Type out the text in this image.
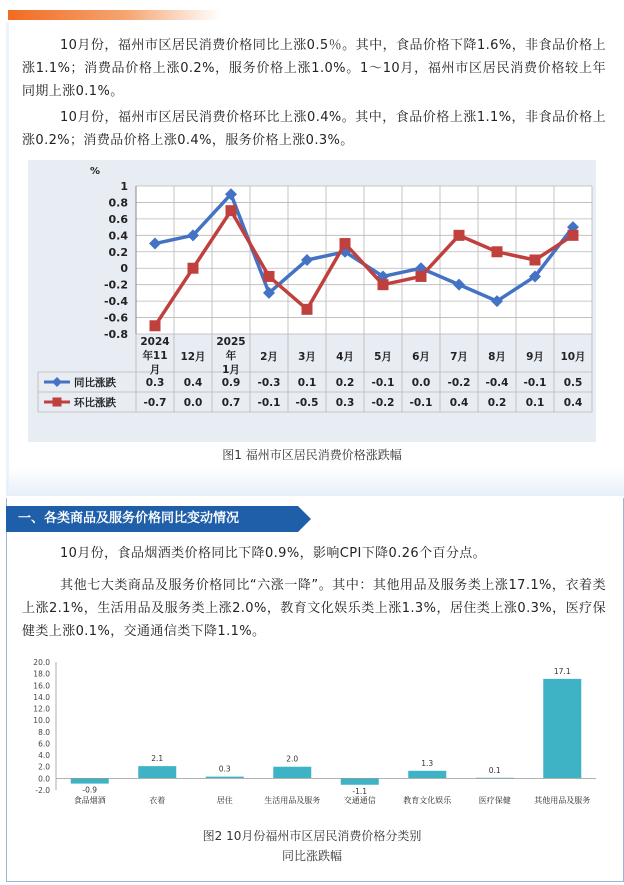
10月份，福州市区居民消费价格同比上涨0.5％。其中，食品价格下降1.6%，非食品价格上涨1.1%；消费品价格上涨0.2%，服务价格上涨1.0%。1～10月，福州市区居民消费价格较上年同期上涨0.1%。

10月份，福州市区居民消费价格环比上涨0.4%。其中，食品价格上涨1.1%，非食品价格上涨0.2%；消费品价格上涨0.4%，服务价格上涨0.3%。

%
1
0.8
0.6
0.4
0.2
0
-0.2
-0.4
-0.6
-0.8
2024
年11
月
12月
2025
年
1月
2月 3月 4月 5月 6月 7月 8月 9月 10月
同比涨跌	0.3 0.4 0.9 -0.3 0.1 0.2 -0.1 0.0 -0.2 -0.4 -0.1 0.5
环比涨跌	-0.7 0.0 0.7 -0.1 -0.5 0.3 -0.2 -0.1 0.4 0.2 0.1 0.4
图1 福州市区居民消费价格涨跌幅
一、各类商品及服务价格同比变动情况

10月份，食品烟酒类价格同比下降0.9%，影响CPI下降0.26个百分点。

其他七大类商品及服务价格同比“六涨一降”。其中：其他用品及服务类上涨17.1%，衣着类上涨2.1%，生活用品及服务类上涨2.0%，教育文化娱乐类上涨1.3%，居住类上涨0.3%，医疗保健类上涨0.1%，交通通信类下降1.1%。

20.0
18.0
16.0
14.0
12.0
10.0
8.0
6.0
4.0
2.0
0.0
-2.0	-0.9
食品烟酒
2.1
衣着
0.3
居住
2.0
生活用品及服务
-1.1
交通通信
1.3
教育文化娱乐
0.1
医疗保健
17.1
其他用品及服务
图2 10月份福州市区居民消费价格分类别
同比涨跌幅
